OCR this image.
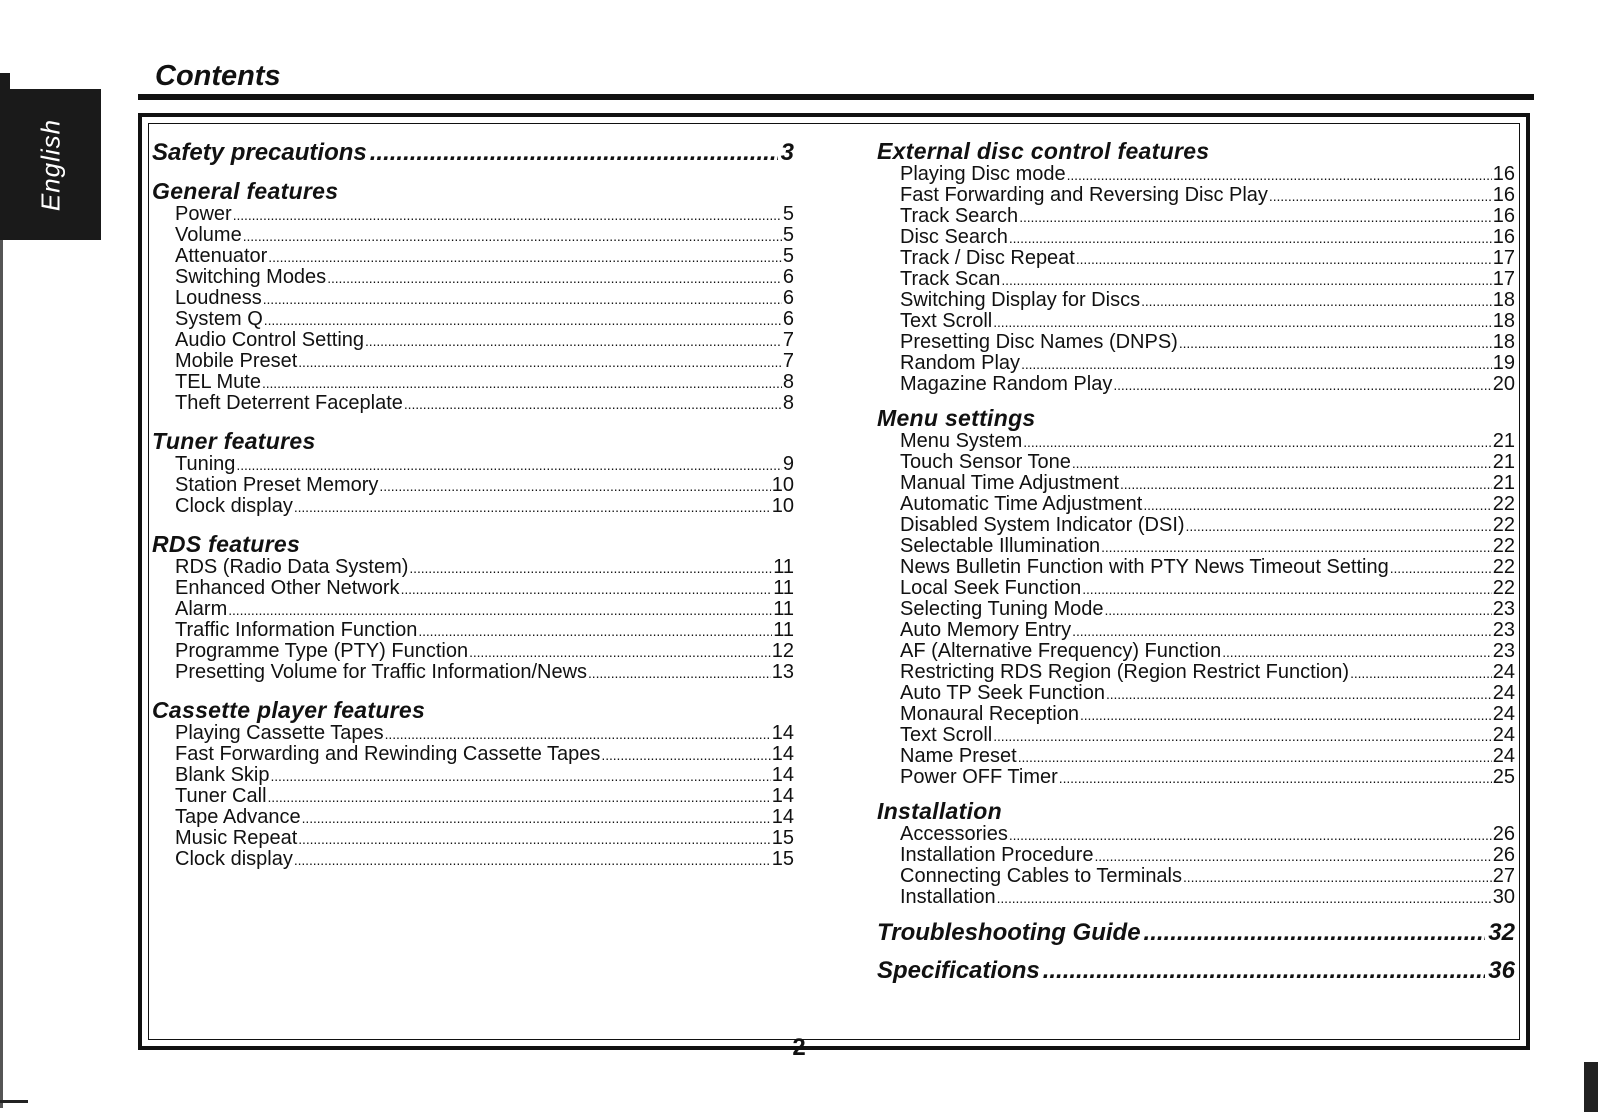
English
Contents
Safety precautions .....	3
General features
Power . . .	5
Volume . . .	5
Attenuator . . .	5
Switching Modes . . .	6
Loudness . . .	6
System Q . . .	6
Audio Control Setting . . .	7
Mobile Preset . . .	7
TEL Mute . . .	8
Theft Deterrent Faceplate . . .	8
Tuner features
Tuning . . .	9
Station Preset Memory . . .	10
Clock display . . .	10
RDS features
RDS (Radio Data System) . . .	11
Enhanced Other Network . . .	11
Alarm . . .	11
Traffic Information Function . . .	11
Programme Type (PTY) Function . . .	12
Presetting Volume for Traffic Information/News . . .	13
Cassette player features
Playing Cassette Tapes . . .	14
Fast Forwarding and Rewinding Cassette Tapes . . .	14
Blank Skip . . .	14
Tuner Call . . .	14
Tape Advance . . .	14
Music Repeat . . .	15
Clock display . . .	15
External disc control features
Playing Disc mode . . .	16
Fast Forwarding and Reversing Disc Play . . .	16
Track Search . . .	16
Disc Search . . .	16
Track / Disc Repeat . . .	17
Track Scan . . .	17
Switching Display for Discs . . .	18
Text Scroll . . .	18
Presetting Disc Names (DNPS) . . .	18
Random Play . . .	19
Magazine Random Play . . .	20
Menu settings
Menu System . . .	21
Touch Sensor Tone . . .	21
Manual Time Adjustment . . .	21
Automatic Time Adjustment . . .	22
Disabled System Indicator (DSI) . . .	22
Selectable Illumination . . .	22
News Bulletin Function with PTY News Timeout Setting . . .	22
Local Seek Function . . .	22
Selecting Tuning Mode . . .	23
Auto Memory Entry . . .	23
AF (Alternative Frequency) Function . . .	23
Restricting RDS Region (Region Restrict Function) . . .	24
Auto TP Seek Function . . .	24
Monaural Reception . . .	24
Text Scroll . . .	24
Name Preset . . .	24
Power OFF Timer . . .	25
Installation
Accessories . . .	26
Installation Procedure . . .	26
Connecting Cables to Terminals . . .	27
Installation . . .	30
Troubleshooting Guide .....	32
Specifications .....	36
— 2 —
